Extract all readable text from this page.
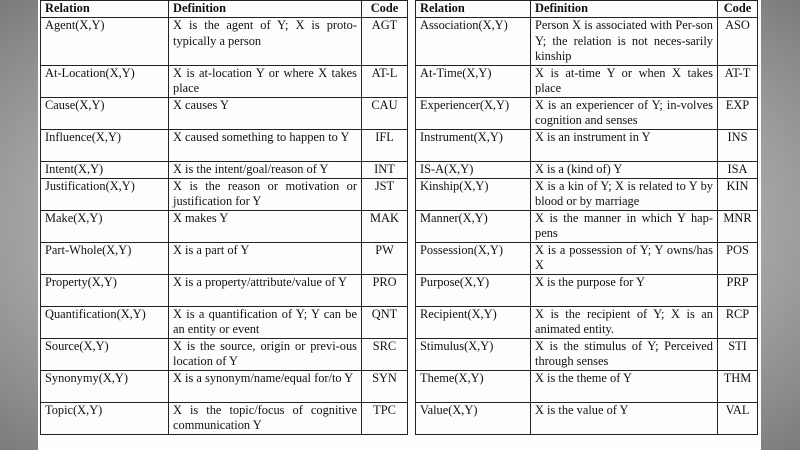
Relation	Definition	Code		Relation	Definition	Code
Agent(X,Y)	X is the agent of Y; X is proto-typically a person	AGT		Association(X,Y)	Person X is associated with Per-son Y; the relation is not neces-sarily kinship	ASO
At-Location(X,Y)	X is at-location Y or where X takes place	AT-L		At-Time(X,Y)	X is at-time Y or when X takes place	AT-T
Cause(X,Y)	X causes Y	CAU		Experiencer(X,Y)	X is an experiencer of Y; in-volves cognition and senses	EXP
Influence(X,Y)	X caused something to happen to Y	IFL		Instrument(X,Y)	X is an instrument in Y	INS
Intent(X,Y)	X is the intent/goal/reason of Y	INT		IS-A(X,Y)	X is a (kind of) Y	ISA
Justification(X,Y)	X is the reason or motivation or justification for Y	JST		Kinship(X,Y)	X is a kin of Y; X is related to Y by blood or by marriage	KIN
Make(X,Y)	X makes Y	MAK		Manner(X,Y)	X is the manner in which Y hap-pens	MNR
Part-Whole(X,Y)	X is a part of Y	PW		Possession(X,Y)	X is a possession of Y; Y owns/has X	POS
Property(X,Y)	X is a property/attribute/value of Y	PRO		Purpose(X,Y)	X is the purpose for Y	PRP
Quantification(X,Y)	X is a quantification of Y; Y can be an entity or event	QNT		Recipient(X,Y)	X is the recipient of Y; X is an animated entity.	RCP
Source(X,Y)	X is the source, origin or previ-ous location of Y	SRC		Stimulus(X,Y)	X is the stimulus of Y; Perceived through senses	STI
Synonymy(X,Y)	X is a synonym/name/equal for/to Y	SYN		Theme(X,Y)	X is the theme of Y	THM
Topic(X,Y)	X is the topic/focus of cognitive communication Y	TPC		Value(X,Y)	X is the value of Y	VAL
